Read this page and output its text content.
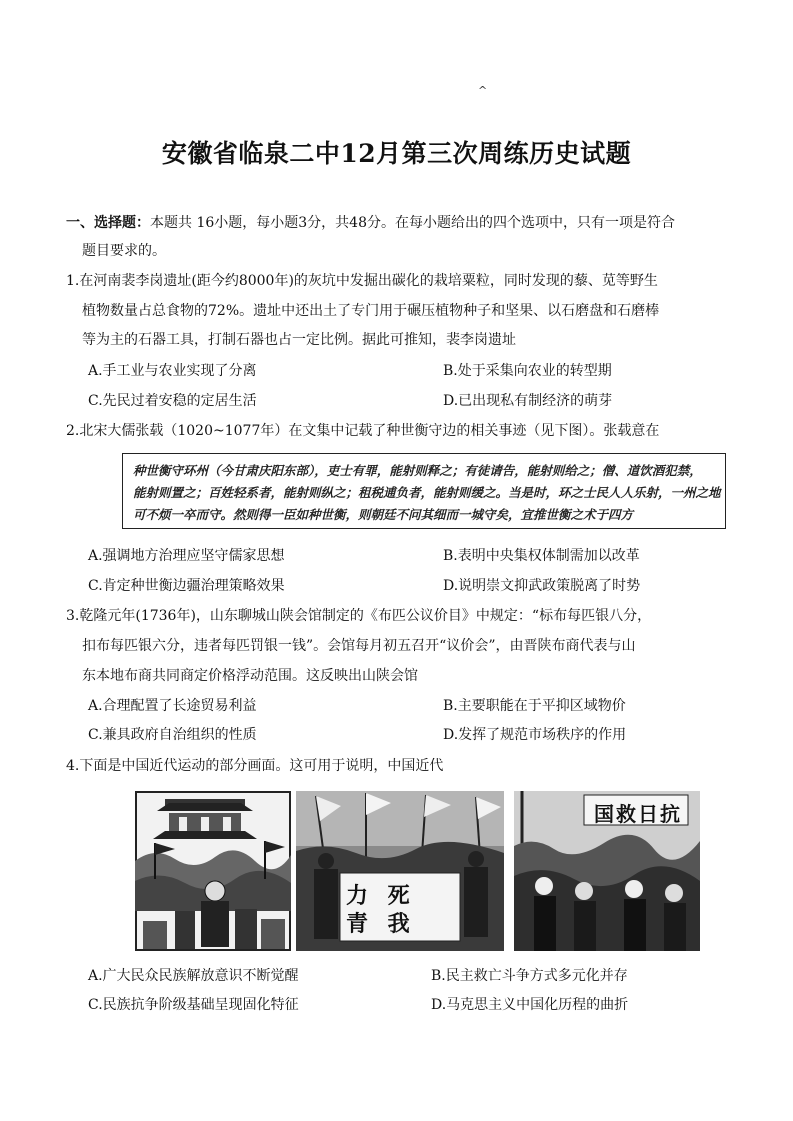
^
安徽省临泉二中12月第三次周练历史试题
一、选择题：本题共 16小题，每小题3分，共48分。在每小题给出的四个选项中，只有一项是符合
题目要求的。
1.在河南裴李岗遗址(距今约8000年)的灰坑中发掘出碳化的栽培粟粒，同时发现的藜、苋等野生
植物数量占总食物的72%。遗址中还出土了专门用于碾压植物种子和坚果、以石磨盘和石磨棒
等为主的石器工具，打制石器也占一定比例。据此可推知，裴李岗遗址
A.手工业与农业实现了分离	B.处于采集向农业的转型期
C.先民过着安稳的定居生活	D.已出现私有制经济的萌芽
2.北宋大儒张载（1020~1077年）在文集中记载了种世衡守边的相关事迹（见下图）。张载意在
种世衡守环州（今甘肃庆阳东部），吏士有罪，能射则释之；有徒请告，能射则给之；僧、道饮酒犯禁，
能射则置之；百姓轻系者，能射则纵之；租税逋负者，能射则缓之。当是时，环之士民人人乐射，一州之地
可不烦一卒而守。然则得一臣如种世衡，则朝廷不问其细而一城守矣，宜推世衡之术于四方
A.强调地方治理应坚守儒家思想	B.表明中央集权体制需加以改革
C.肯定种世衡边疆治理策略效果	D.说明崇文抑武政策脱离了时势
3.乾隆元年(1736年)，山东聊城山陕会馆制定的《布匹公议价目》中规定：“标布每匹银八分，
扣布每匹银六分，违者每匹罚银一钱”。会馆每月初五召开“议价会”，由晋陕布商代表与山
东本地布商共同商定价格浮动范围。这反映出山陕会馆
A.合理配置了长途贸易利益	B.主要职能在于平抑区域物价
C.兼具政府自治组织的性质	D.发挥了规范市场秩序的作用
4.下面是中国近代运动的部分画面。这可用于说明，中国近代
力 死
青 我
国救日抗
A.广大民众民族解放意识不断觉醒	B.民主救亡斗争方式多元化并存
C.民族抗争阶级基础呈现固化特征	D.马克思主义中国化历程的曲折
